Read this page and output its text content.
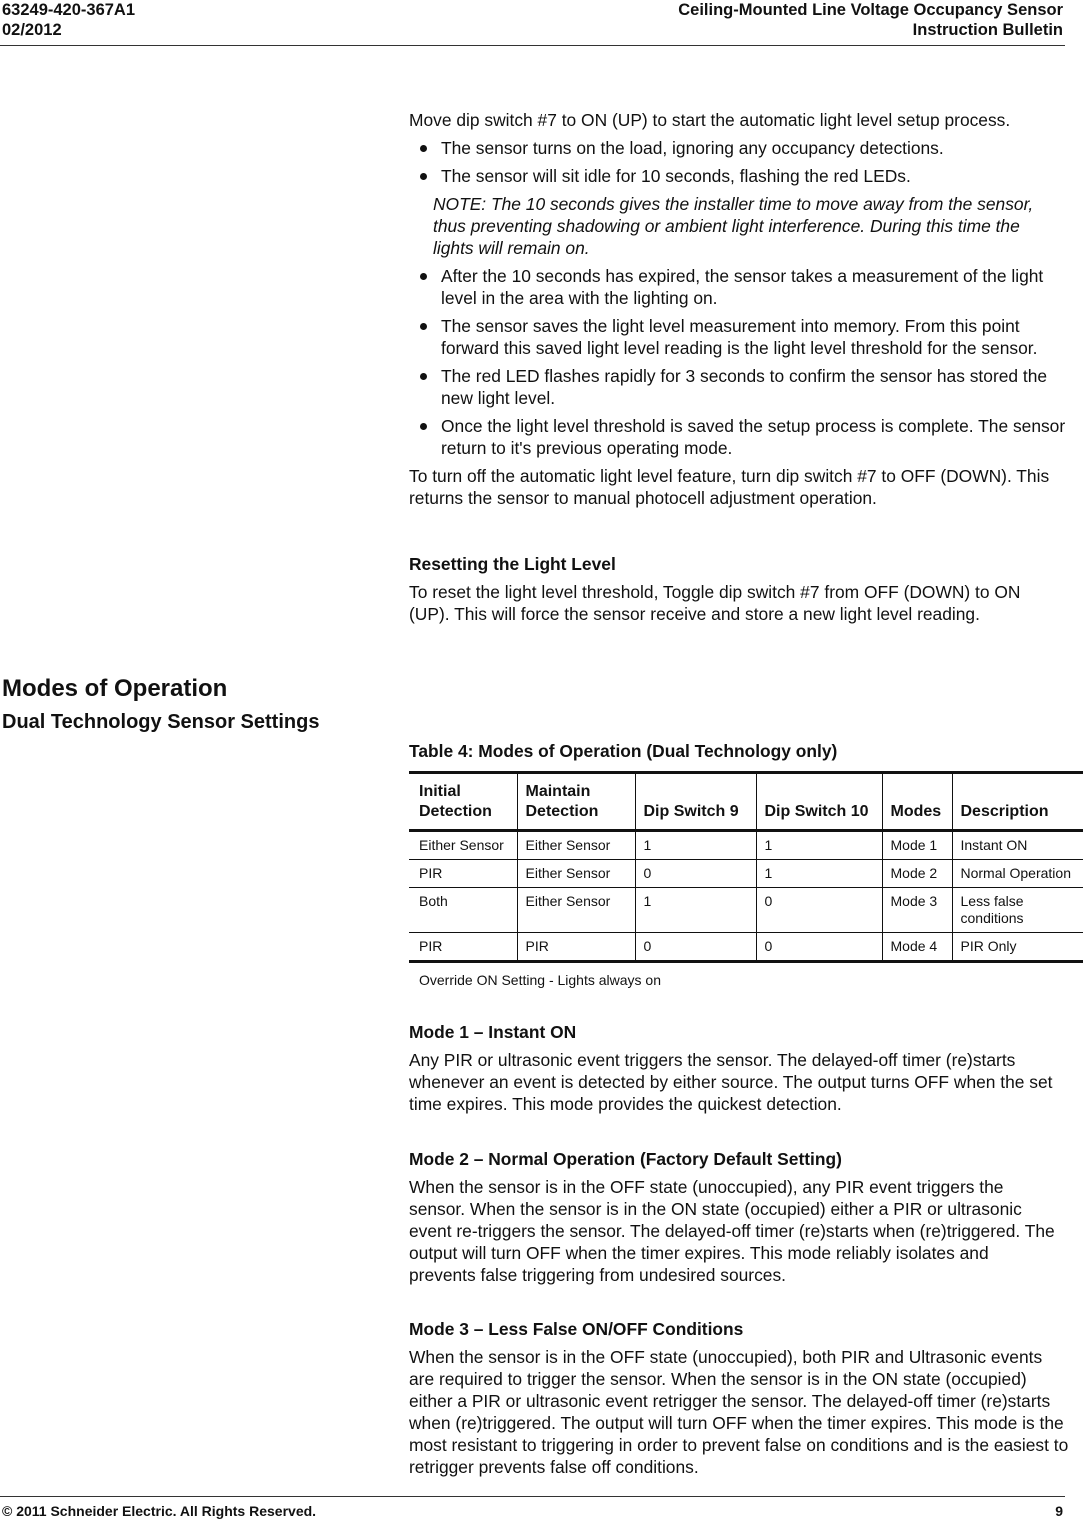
63249-420-367A1
02/2012
Ceiling-Mounted Line Voltage Occupancy Sensor
Instruction Bulletin

Move dip switch #7 to ON (UP) to start the automatic light level setup process.

The sensor turns on the load, ignoring any occupancy detections.
The sensor will sit idle for 10 seconds, flashing the red LEDs.

NOTE: The 10 seconds gives the installer time to move away from the sensor, thus preventing shadowing or ambient light interference. During this time the lights will remain on.

After the 10 seconds has expired, the sensor takes a measurement of the light level in the area with the lighting on.
The sensor saves the light level measurement into memory. From this point forward this saved light level reading is the light level threshold for the sensor.
The red LED flashes rapidly for 3 seconds to confirm the sensor has stored the new light level.
Once the light level threshold is saved the setup process is complete. The sensor return to it's previous operating mode.

To turn off the automatic light level feature, turn dip switch #7 to OFF (DOWN). This returns the sensor to manual photocell adjustment operation.

Resetting the Light Level

To reset the light level threshold, Toggle dip switch #7 from OFF (DOWN) to ON (UP). This will force the sensor receive and store a new light level reading.

Modes of Operation
Dual Technology Sensor Settings
Table 4: Modes of Operation (Dual Technology only)
Initial Detection	Maintain Detection	Dip Switch 9	Dip Switch 10	Modes	Description
Either Sensor	Either Sensor	1	1	Mode 1	Instant ON
PIR	Either Sensor	0	1	Mode 2	Normal Operation
Both	Either Sensor	1	0	Mode 3	Less false conditions
PIR	PIR	0	0	Mode 4	PIR Only

Override ON Setting - Lights always on

Mode 1 – Instant ON

Any PIR or ultrasonic event triggers the sensor. The delayed-off timer (re)starts whenever an event is detected by either source. The output turns OFF when the set time expires. This mode provides the quickest detection.

Mode 2 – Normal Operation (Factory Default Setting)

When the sensor is in the OFF state (unoccupied), any PIR event triggers the sensor. When the sensor is in the ON state (occupied) either a PIR or ultrasonic event re-triggers the sensor. The delayed-off timer (re)starts when (re)triggered. The output will turn OFF when the timer expires. This mode reliably isolates and prevents false triggering from undesired sources.

Mode 3 – Less False ON/OFF Conditions

When the sensor is in the OFF state (unoccupied), both PIR and Ultrasonic events are required to trigger the sensor. When the sensor is in the ON state (occupied) either a PIR or ultrasonic event retrigger the sensor. The delayed-off timer (re)starts when (re)triggered. The output will turn OFF when the timer expires. This mode is the most resistant to triggering in order to prevent false on conditions and is the easiest to retrigger prevents false off conditions.

© 2011 Schneider Electric. All Rights Reserved.	9
